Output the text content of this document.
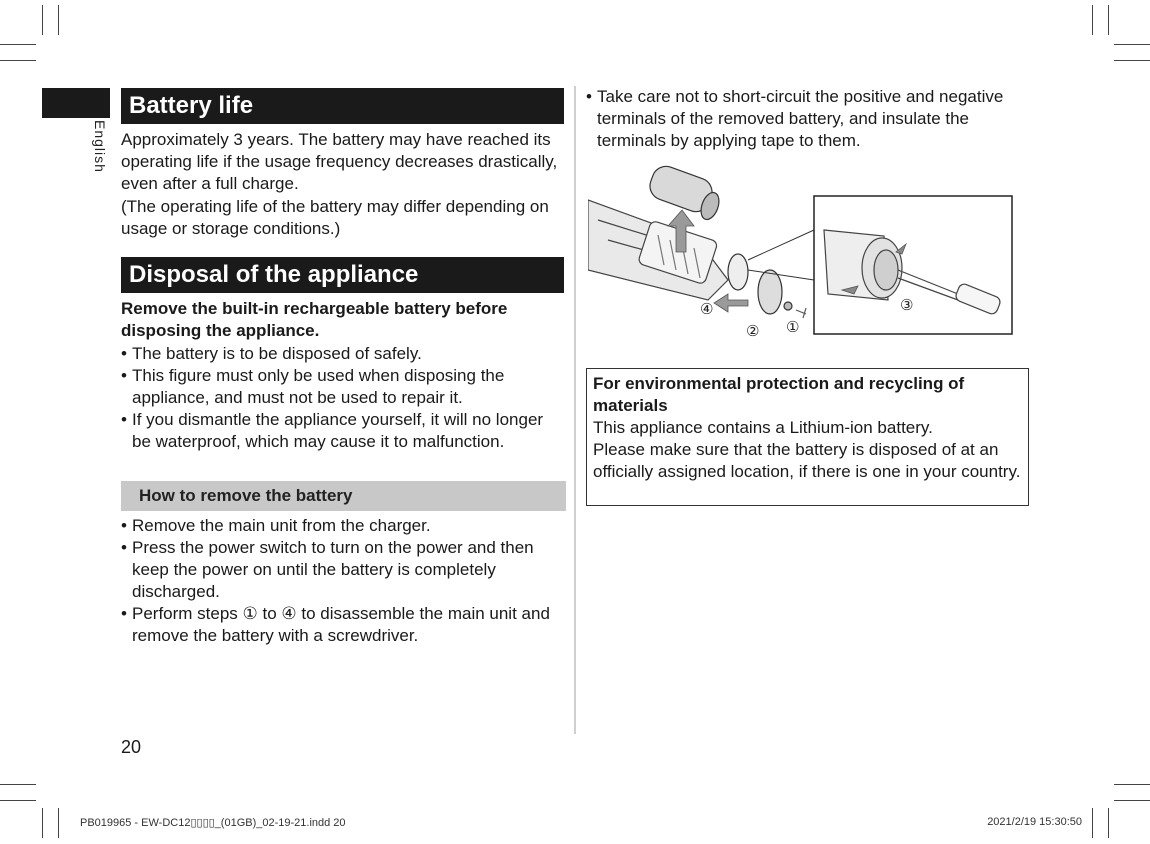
English
Battery life

Approximately 3 years. The battery may have reached its operating life if the usage frequency decreases drastically, even after a full charge.

(The operating life of the battery may differ depending on usage or storage conditions.)

Disposal of the appliance

Remove the built-in rechargeable battery before disposing the appliance.

• The battery is to be disposed of safely.
• This figure must only be used when disposing the appliance, and must not be used to repair it.
• If you dismantle the appliance yourself, it will no longer be waterproof, which may cause it to malfunction.
How to remove the battery
• Remove the main unit from the charger.
• Press the power switch to turn on the power and then keep the power on until the battery is completely discharged.
• Perform steps ① to ④ to disassemble the main unit and remove the battery with a screwdriver.
20
• Take care not to short-circuit the positive and negative terminals of the removed battery, and insulate the terminals by applying tape to them.
④
② ①
③
For environmental protection and recycling of materials
This appliance contains a Lithium-ion battery.
Please make sure that the battery is disposed of at an officially assigned location, if there is one in your country.
PB019965 - EW-DC12▯▯▯▯_(01GB)_02-19-21.indd 20	2021/2/19 15:30:50
